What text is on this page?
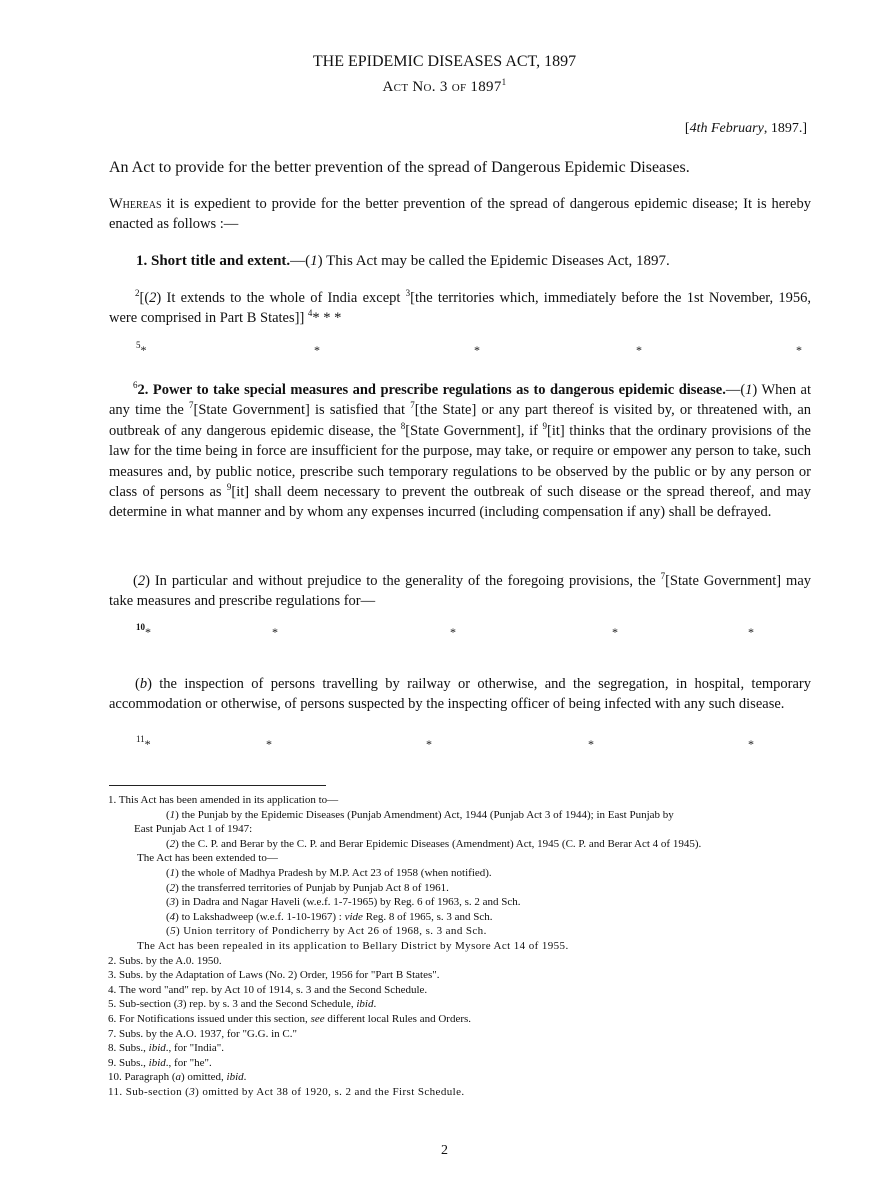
THE EPIDEMIC DISEASES ACT, 1897
Act No. 3 of 1897$^1$
[4th February, 1897.]
An Act to provide for the better prevention of the spread of Dangerous Epidemic Diseases.
Whereas it is expedient to provide for the better prevention of the spread of dangerous epidemic disease; It is hereby enacted as follows :—
1. Short title and extent.—(1) This Act may be called the Epidemic Diseases Act, 1897.
$^2$[(2) It extends to the whole of India except $^3$[the territories which, immediately before the 1st November, 1956, were comprised in Part B States]] $^4$* * *
$^5$*	*	*	*	*
$^6$2. Power to take special measures and prescribe regulations as to dangerous epidemic disease.—(1) When at any time the $^7$[State Government] is satisfied that $^7$[the State] or any part thereof is visited by, or threatened with, an outbreak of any dangerous epidemic disease, the $^8$[State Government], if $^9$[it] thinks that the ordinary provisions of the law for the time being in force are insufficient for the purpose, may take, or require or empower any person to take, such measures and, by public notice, prescribe such temporary regulations to be observed by the public or by any person or class of persons as $^9$[it] shall deem necessary to prevent the outbreak of such disease or the spread thereof, and may determine in what manner and by whom any expenses incurred (including compensation if any) shall be defrayed.
(2) In particular and without prejudice to the generality of the foregoing provisions, the $^7$[State Government] may take measures and prescribe regulations for—
$^{10}$*	*	*	*	*
(b) the inspection of persons travelling by railway or otherwise, and the segregation, in hospital, temporary accommodation or otherwise, of persons suspected by the inspecting officer of being infected with any such disease.
$^{11}$*	*	*	*	*
1. This Act has been amended in its application to—
(1) the Punjab by the Epidemic Diseases (Punjab Amendment) Act, 1944 (Punjab Act 3 of 1944); in East Punjab by
East Punjab Act 1 of 1947:
(2) the C. P. and Berar by the C. P. and Berar Epidemic Diseases (Amendment) Act, 1945 (C. P. and Berar Act 4 of 1945).
The Act has been extended to—
(1) the whole of Madhya Pradesh by M.P. Act 23 of 1958 (when notified).
(2) the transferred territories of Punjab by Punjab Act 8 of 1961.
(3) in Dadra and Nagar Haveli (w.e.f. 1-7-1965) by Reg. 6 of 1963, s. 2 and Sch.
(4) to Lakshadweep (w.e.f. 1-10-1967) : vide Reg. 8 of 1965, s. 3 and Sch.
(5) Union territory of Pondicherry by Act 26 of 1968, s. 3 and Sch.
The Act has been repealed in its application to Bellary District by Mysore Act 14 of 1955.
2. Subs. by the A.0. 1950.
3. Subs. by the Adaptation of Laws (No. 2) Order, 1956 for "Part B States".
4. The word "and" rep. by Act 10 of 1914, s. 3 and the Second Schedule.
5. Sub-section (3) rep. by s. 3 and the Second Schedule, ibid.
6. For Notifications issued under this section, see different local Rules and Orders.
7. Subs. by the A.O. 1937, for "G.G. in C."
8. Subs., ibid., for "India".
9. Subs., ibid., for "he".
10. Paragraph (a) omitted, ibid.
11. Sub-section (3) omitted by Act 38 of 1920, s. 2 and the First Schedule.
2
